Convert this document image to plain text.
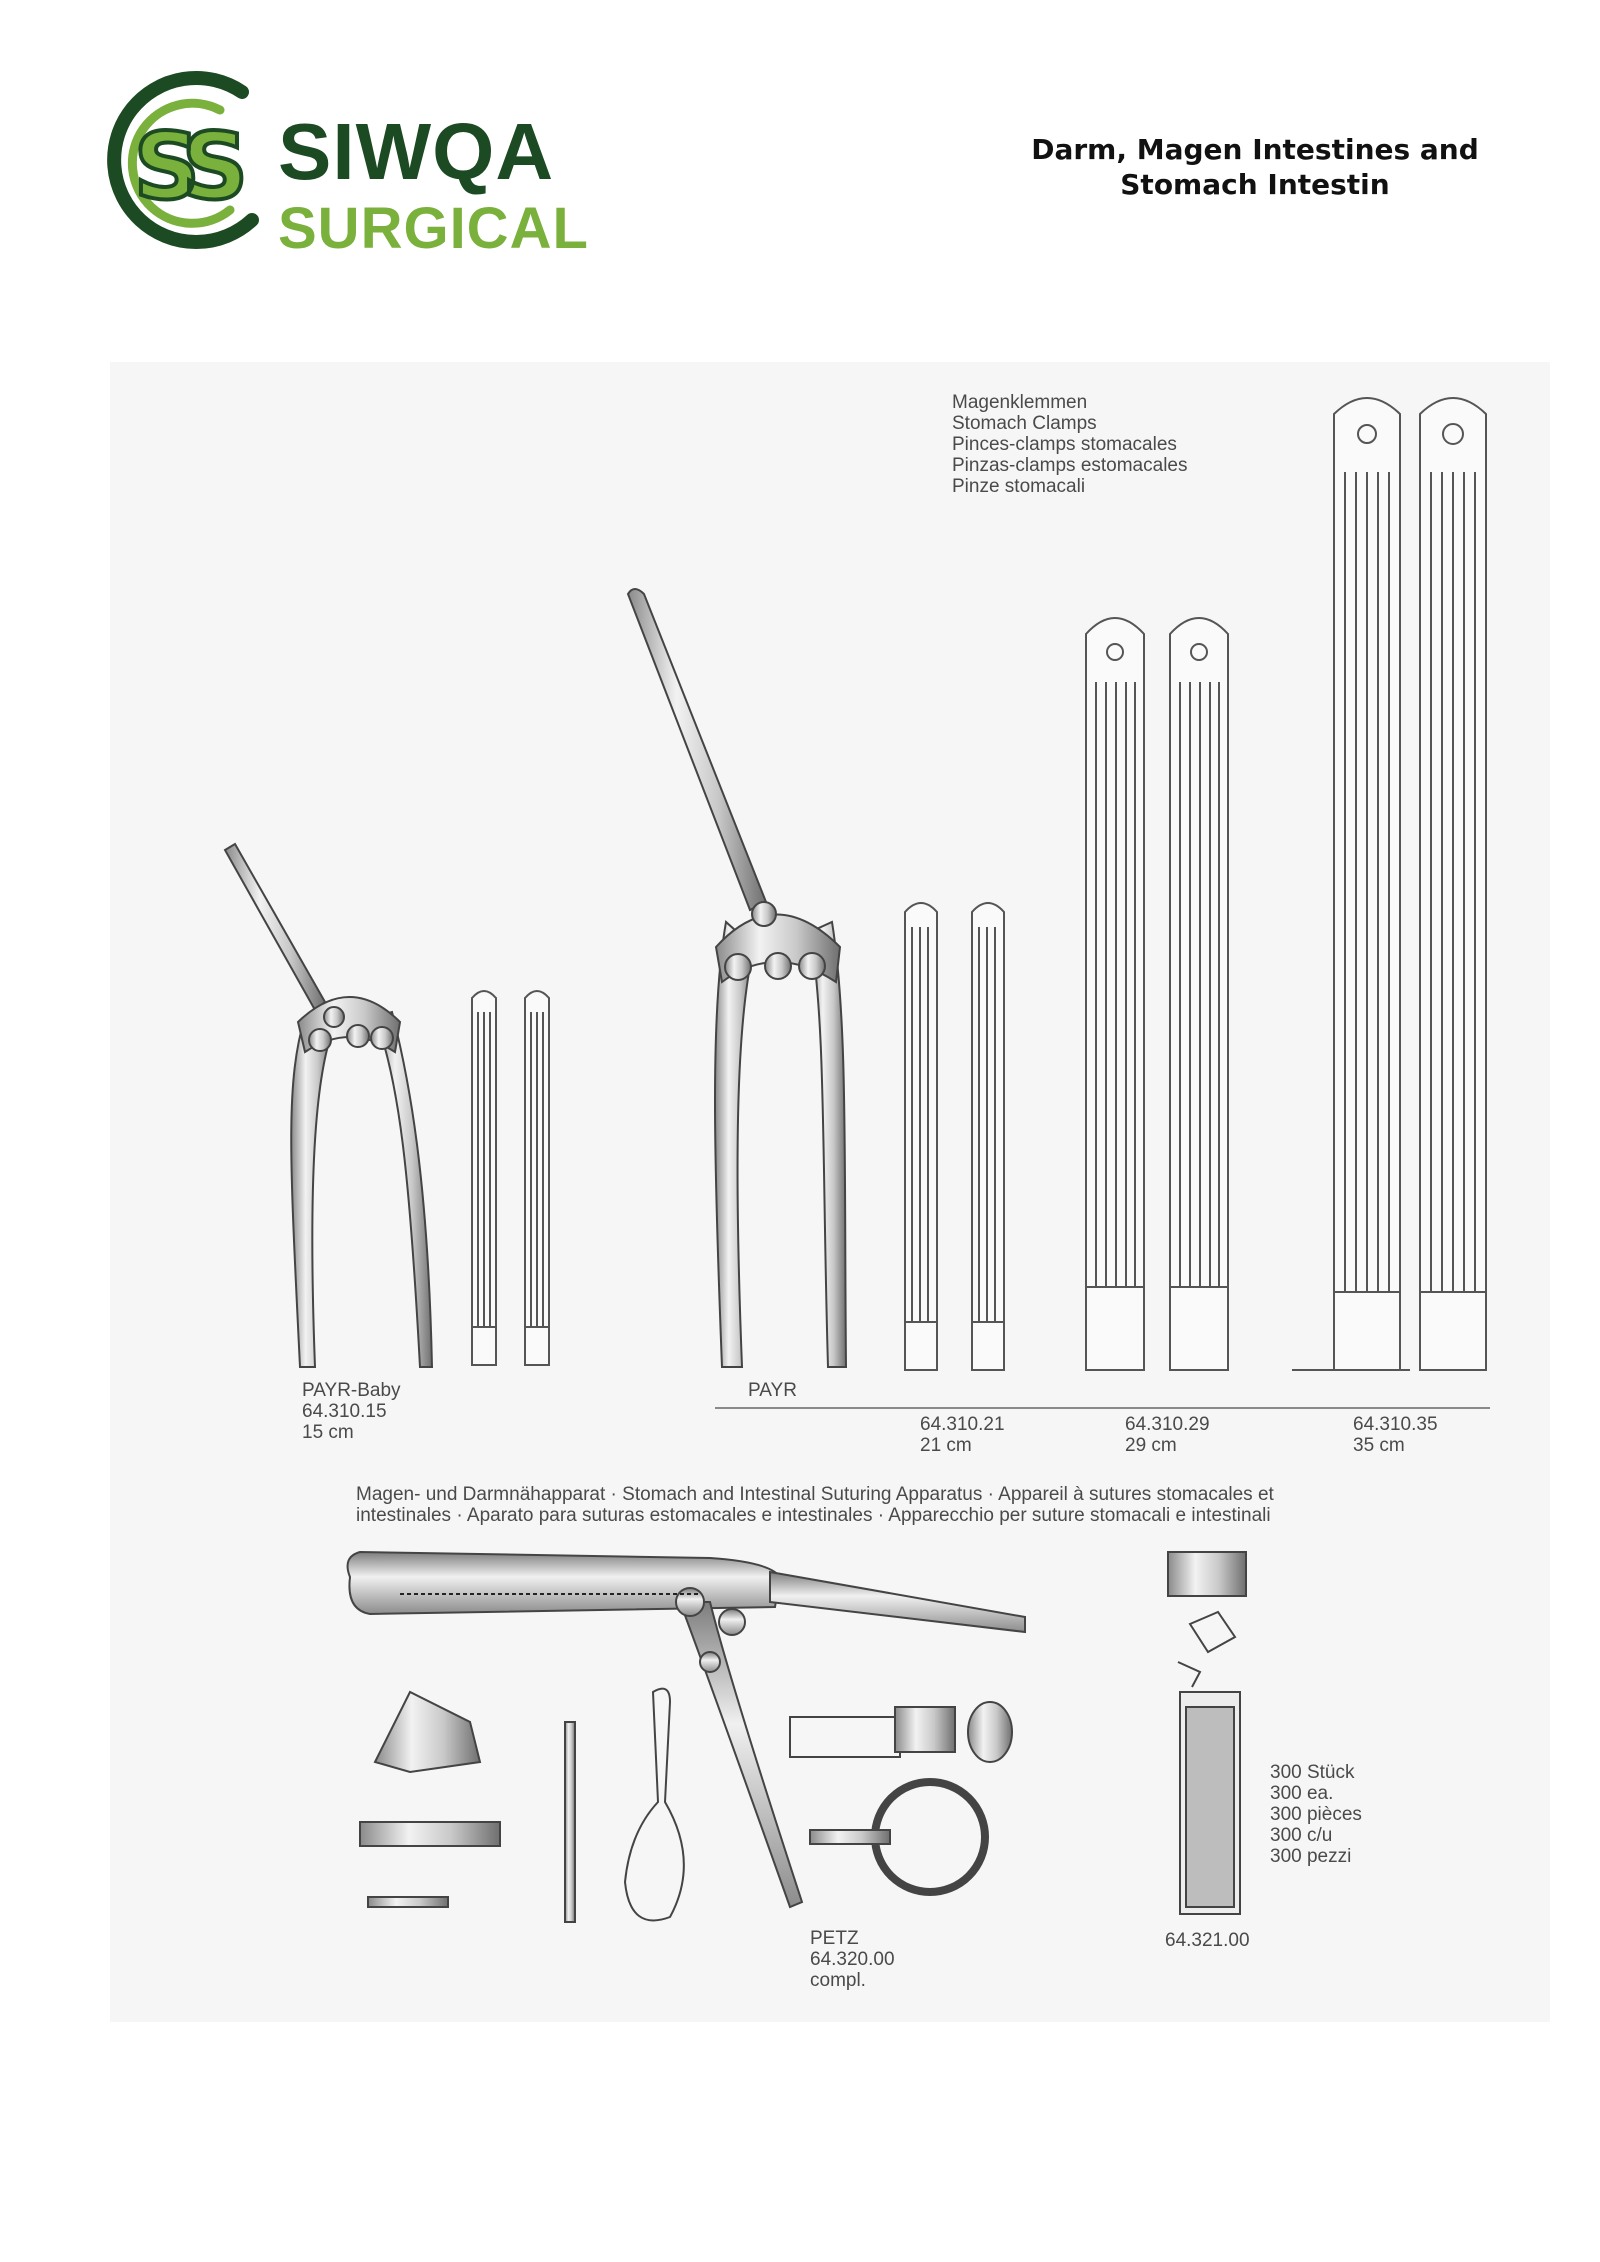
SS SIWQA
SURGICAL
Darm, Magen Intestines and
Stomach Intestin
Magenklemmen
Stomach Clamps
Pinces-clamps stomacales
Pinzas-clamps estomacales
Pinze stomacali
PAYR-Baby
64.310.15
15 cm
PAYR
64.310.21
21 cm
64.310.29
29 cm
64.310.35
35 cm
Magen- und Darmnähapparat · Stomach and Intestinal Suturing Apparatus · Appareil à sutures stomacales et
intestinales · Aparato para suturas estomacales e intestinales · Apparecchio per suture stomacali e intestinali
300 Stück
300 ea.
300 pièces
300 c/u
300 pezzi
PETZ
64.320.00
compl.
64.321.00
